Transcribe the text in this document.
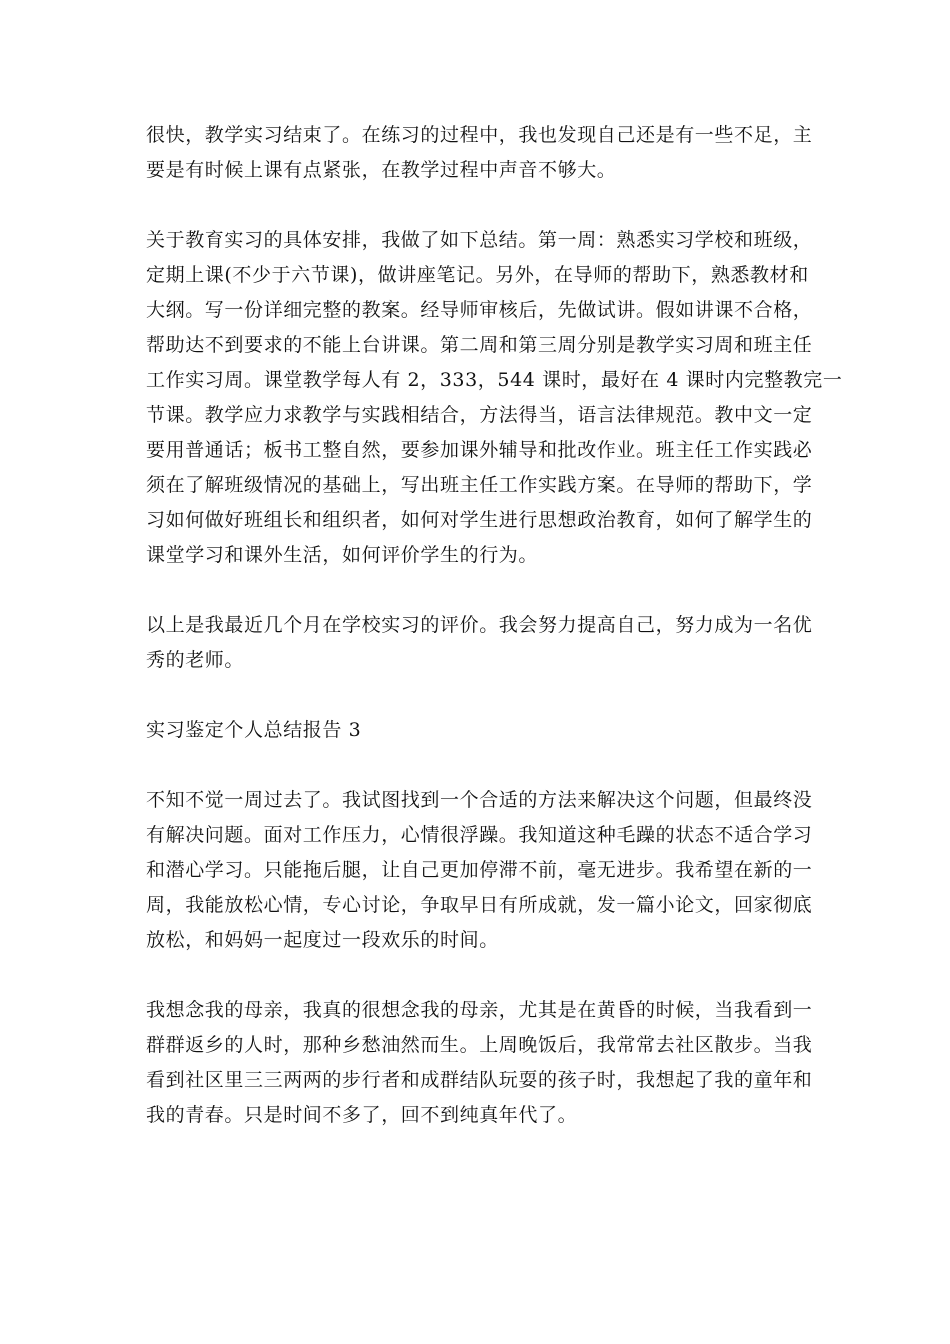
很快，教学实习结束了。在练习的过程中，我也发现自己还是有一些不足，主
要是有时候上课有点紧张，在教学过程中声音不够大。
关于教育实习的具体安排，我做了如下总结。第一周：熟悉实习学校和班级，
定期上课(不少于六节课)，做讲座笔记。另外，在导师的帮助下，熟悉教材和
大纲。写一份详细完整的教案。经导师审核后，先做试讲。假如讲课不合格，
帮助达不到要求的不能上台讲课。第二周和第三周分别是教学实习周和班主任
工作实习周。课堂教学每人有 2，333，544 课时，最好在 4 课时内完整教完一
节课。教学应力求教学与实践相结合，方法得当，语言法律规范。教中文一定
要用普通话；板书工整自然，要参加课外辅导和批改作业。班主任工作实践必
须在了解班级情况的基础上，写出班主任工作实践方案。在导师的帮助下，学
习如何做好班组长和组织者，如何对学生进行思想政治教育，如何了解学生的
课堂学习和课外生活，如何评价学生的行为。
以上是我最近几个月在学校实习的评价。我会努力提高自己，努力成为一名优
秀的老师。
实习鉴定个人总结报告 3
不知不觉一周过去了。我试图找到一个合适的方法来解决这个问题，但最终没
有解决问题。面对工作压力，心情很浮躁。我知道这种毛躁的状态不适合学习
和潜心学习。只能拖后腿，让自己更加停滞不前，毫无进步。我希望在新的一
周，我能放松心情，专心讨论，争取早日有所成就，发一篇小论文，回家彻底
放松，和妈妈一起度过一段欢乐的时间。
我想念我的母亲，我真的很想念我的母亲，尤其是在黄昏的时候，当我看到一
群群返乡的人时，那种乡愁油然而生。上周晚饭后，我常常去社区散步。当我
看到社区里三三两两的步行者和成群结队玩耍的孩子时，我想起了我的童年和
我的青春。只是时间不多了，回不到纯真年代了。
